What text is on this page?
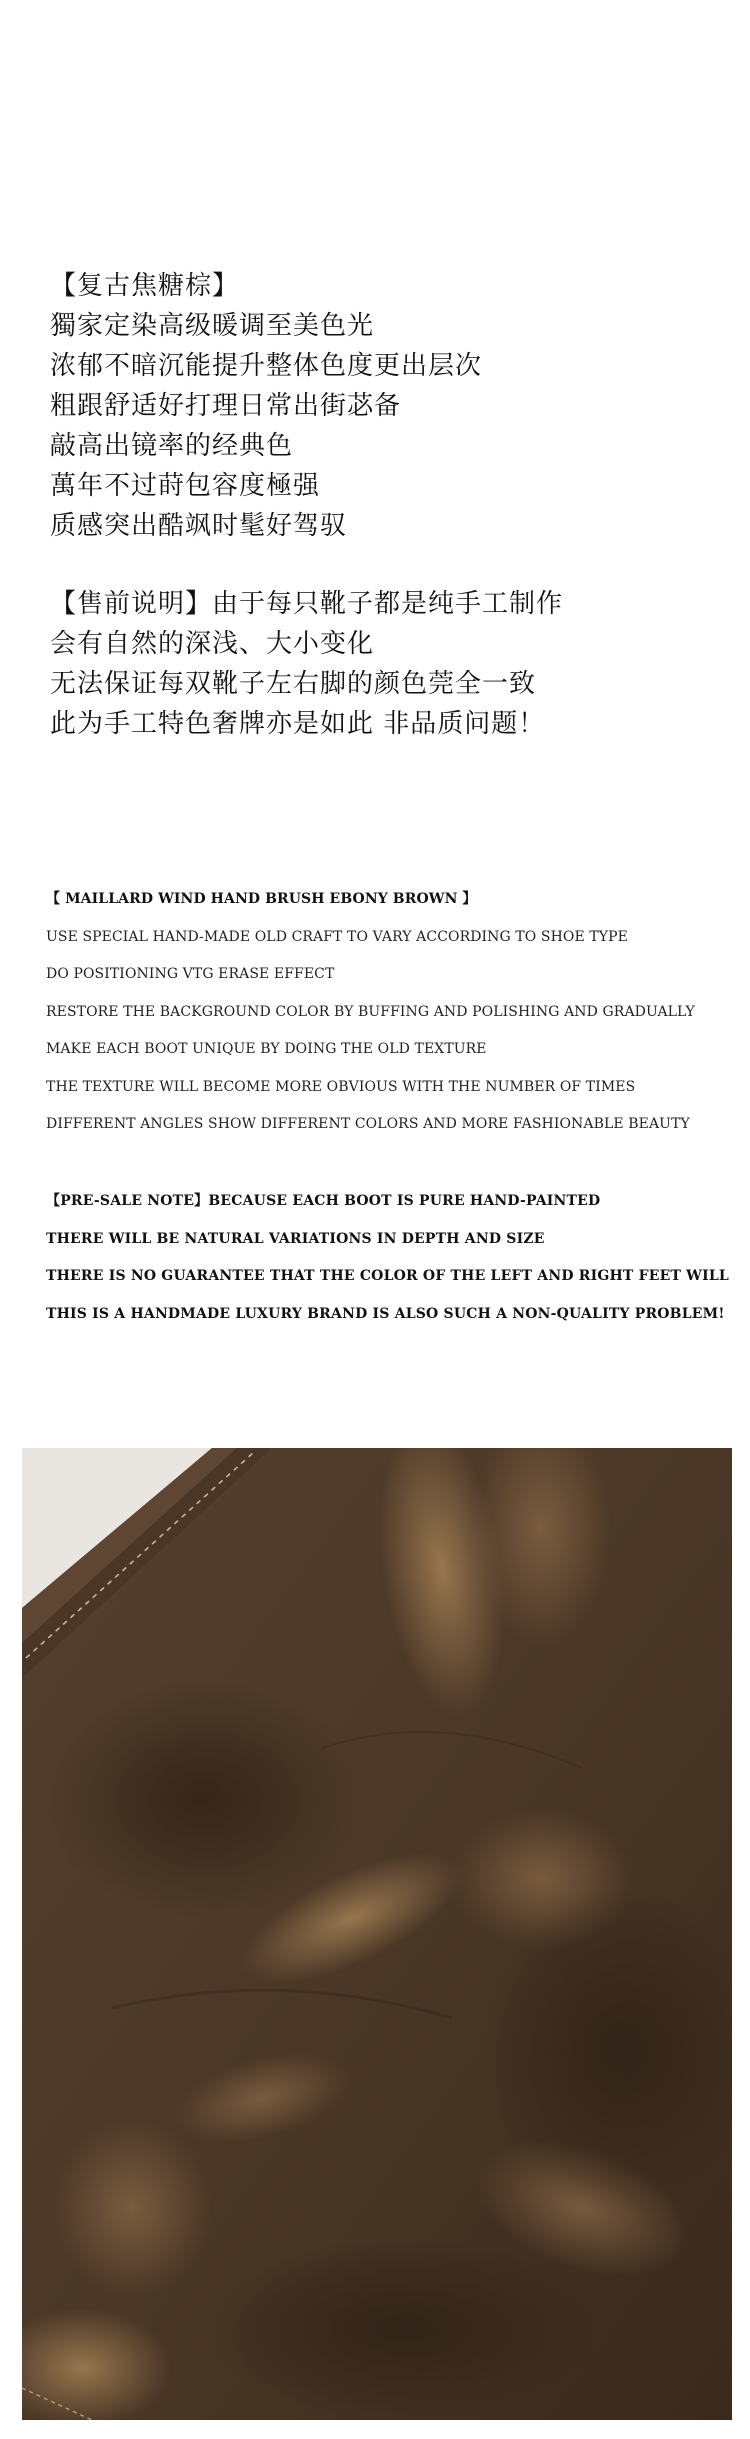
【复古焦糖棕】

獨家定染高级暖调至美色光

浓郁不暗沉能提升整体色度更出层次

粗跟舒适好打理日常出街苾备

敲高出镜率的经典色

萬年不过莳包容度極强

质感突出酷飒时髦好驾驭

【售前说明】由于每只靴子都是纯手工制作

会有自然的深浅、大小变化

无法保证每双靴子左右脚的颜色莞全一致

此为手工特色奢牌亦是如此 非品质问题！

【 MAILLARD WIND HAND BRUSH EBONY BROWN 】

USE SPECIAL HAND-MADE OLD CRAFT TO VARY ACCORDING TO SHOE TYPE

DO POSITIONING VTG ERASE EFFECT

RESTORE THE BACKGROUND COLOR BY BUFFING AND POLISHING AND GRADUALLY

MAKE EACH BOOT UNIQUE BY DOING THE OLD TEXTURE

THE TEXTURE WILL BECOME MORE OBVIOUS WITH THE NUMBER OF TIMES

DIFFERENT ANGLES SHOW DIFFERENT COLORS AND MORE FASHIONABLE BEAUTY

【PRE-SALE NOTE】BECAUSE EACH BOOT IS PURE HAND-PAINTED

THERE WILL BE NATURAL VARIATIONS IN DEPTH AND SIZE

THERE IS NO GUARANTEE THAT THE COLOR OF THE LEFT AND RIGHT FEET WILL

THIS IS A HANDMADE LUXURY BRAND IS ALSO SUCH A NON-QUALITY PROBLEM!
